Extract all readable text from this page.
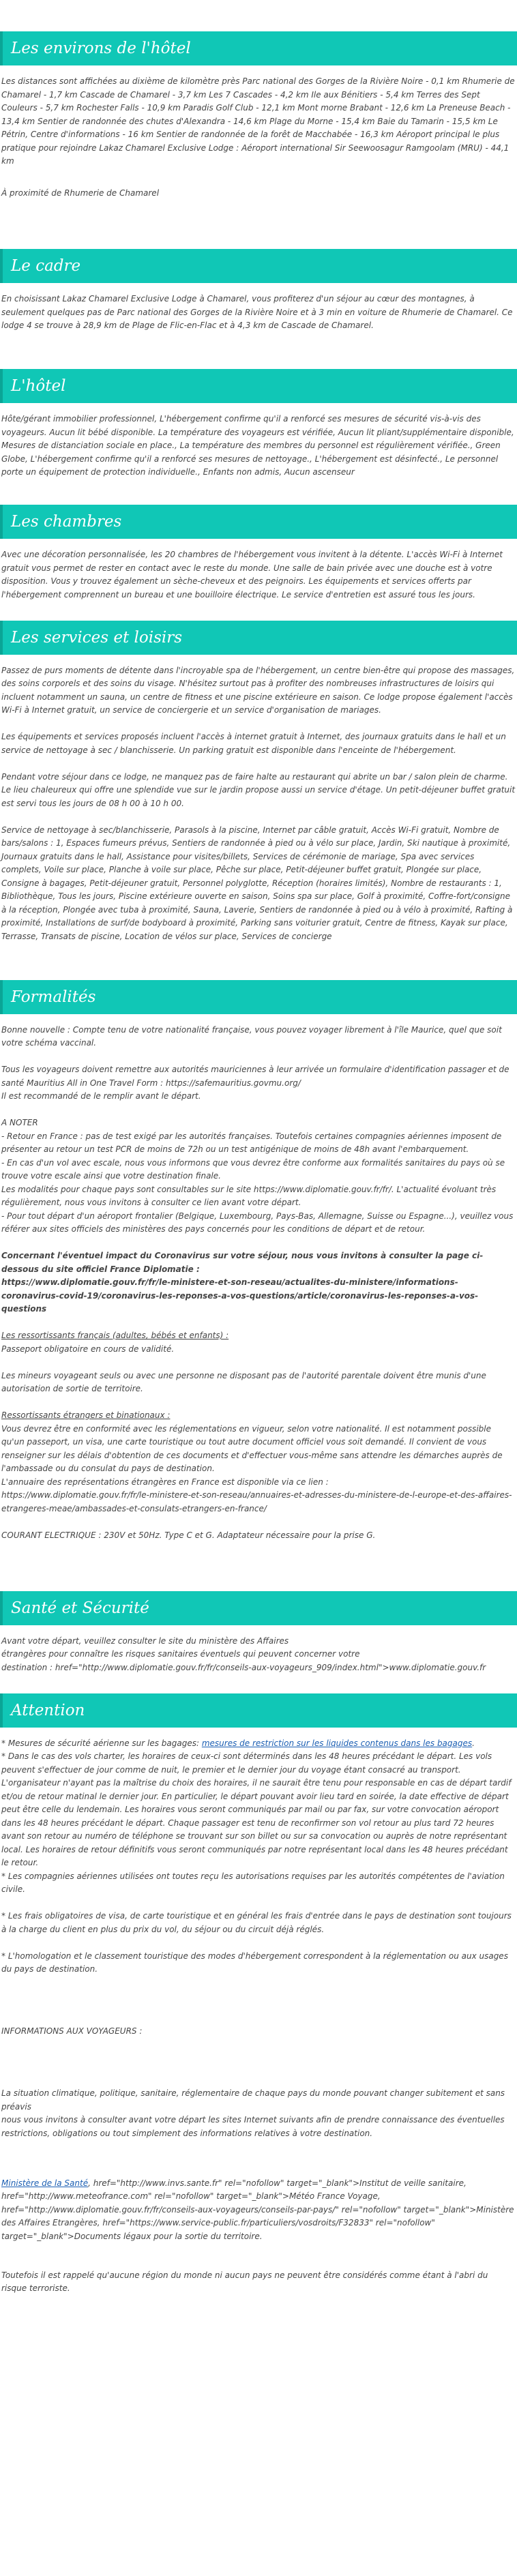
Les environs de l'hôtel
Les distances sont affichées au dixième de kilomètre près Parc national des Gorges de la Rivière Noire - 0,1 km Rhumerie de Chamarel - 1,7 km Cascade de Chamarel - 3,7 km Les 7 Cascades - 4,2 km Ile aux Bénitiers - 5,4 km Terres des Sept Couleurs - 5,7 km Rochester Falls - 10,9 km Paradis Golf Club - 12,1 km Mont morne Brabant - 12,6 km La Preneuse Beach - 13,4 km Sentier de randonnée des chutes d'Alexandra - 14,6 km Plage du Morne - 15,4 km Baie du Tamarin - 15,5 km Le Pétrin, Centre d'informations - 16 km Sentier de randonnée de la forêt de Macchabée - 16,3 km Aéroport principal le plus pratique pour rejoindre Lakaz Chamarel Exclusive Lodge : Aéroport international Sir Seewoosagur Ramgoolam (MRU) - 44,1 km
À proximité de Rhumerie de Chamarel
Le cadre
En choisissant Lakaz Chamarel Exclusive Lodge à Chamarel, vous profiterez d'un séjour au cœur des montagnes, à seulement quelques pas de Parc national des Gorges de la Rivière Noire et à 3 min en voiture de Rhumerie de Chamarel. Ce lodge 4 se trouve à 28,9 km de Plage de Flic-en-Flac et à 4,3 km de Cascade de Chamarel.
L'hôtel
Hôte/gérant immobilier professionnel, L'hébergement confirme qu'il a renforcé ses mesures de sécurité vis-à-vis des voyageurs. Aucun lit bébé disponible. La température des voyageurs est vérifiée, Aucun lit pliant/supplémentaire disponible, Mesures de distanciation sociale en place., La température des membres du personnel est régulièrement vérifiée., Green Globe, L'hébergement confirme qu'il a renforcé ses mesures de nettoyage., L'hébergement est désinfecté., Le personnel porte un équipement de protection individuelle., Enfants non admis, Aucun ascenseur
Les chambres
Avec une décoration personnalisée, les 20 chambres de l'hébergement vous invitent à la détente. L'accès Wi-Fi à Internet gratuit vous permet de rester en contact avec le reste du monde. Une salle de bain privée avec une douche est à votre disposition. Vous y trouvez également un sèche-cheveux et des peignoirs. Les équipements et services offerts par l'hébergement comprennent un bureau et une bouilloire électrique. Le service d'entretien est assuré tous les jours.
Les services et loisirs
Passez de purs moments de détente dans l'incroyable spa de l'hébergement, un centre bien-être qui propose des massages, des soins corporels et des soins du visage. N'hésitez surtout pas à profiter des nombreuses infrastructures de loisirs qui incluent notamment un sauna, un centre de fitness et une piscine extérieure en saison. Ce lodge propose également l'accès Wi-Fi à Internet gratuit, un service de conciergerie et un service d'organisation de mariages.
Les équipements et services proposés incluent l'accès à internet gratuit à Internet, des journaux gratuits dans le hall et un service de nettoyage à sec / blanchisserie. Un parking gratuit est disponible dans l'enceinte de l'hébergement.
Pendant votre séjour dans ce lodge, ne manquez pas de faire halte au restaurant qui abrite un bar / salon plein de charme. Le lieu chaleureux qui offre une splendide vue sur le jardin propose aussi un service d'étage. Un petit-déjeuner buffet gratuit est servi tous les jours de 08 h 00 à 10 h 00.
Service de nettoyage à sec/blanchisserie, Parasols à la piscine, Internet par câble gratuit, Accès Wi-Fi gratuit, Nombre de bars/salons : 1, Espaces fumeurs prévus, Sentiers de randonnée à pied ou à vélo sur place, Jardin, Ski nautique à proximité, Journaux gratuits dans le hall, Assistance pour visites/billets, Services de cérémonie de mariage, Spa avec services complets, Voile sur place, Planche à voile sur place, Pêche sur place, Petit-déjeuner buffet gratuit, Plongée sur place, Consigne à bagages, Petit-déjeuner gratuit, Personnel polyglotte, Réception (horaires limités), Nombre de restaurants : 1, Bibliothèque, Tous les jours, Piscine extérieure ouverte en saison, Soins spa sur place, Golf à proximité, Coffre-fort/consigne à la réception, Plongée avec tuba à proximité, Sauna, Laverie, Sentiers de randonnée à pied ou à vélo à proximité, Rafting à proximité, Installations de surf/de bodyboard à proximité, Parking sans voiturier gratuit, Centre de fitness, Kayak sur place, Terrasse, Transats de piscine, Location de vélos sur place, Services de concierge
Formalités
Bonne nouvelle : Compte tenu de votre nationalité française, vous pouvez voyager librement à l'île Maurice, quel que soit votre schéma vaccinal.
Tous les voyageurs doivent remettre aux autorités mauriciennes à leur arrivée un formulaire d'identification passager et de santé Mauritius All in One Travel Form : https://safemauritius.govmu.org/
Il est recommandé de le remplir avant le départ.
A NOTER
- Retour en France : pas de test exigé par les autorités françaises. Toutefois certaines compagnies aériennes imposent de présenter au retour un test PCR de moins de 72h ou un test antigénique de moins de 48h avant l'embarquement.
- En cas d'un vol avec escale, nous vous informons que vous devrez être conforme aux formalités sanitaires du pays où se trouve votre escale ainsi que votre destination finale.
Les modalités pour chaque pays sont consultables sur le site https://www.diplomatie.gouv.fr/fr/. L'actualité évoluant très régulièrement, nous vous invitons à consulter ce lien avant votre départ.
- Pour tout départ d'un aéroport frontalier (Belgique, Luxembourg, Pays-Bas, Allemagne, Suisse ou Espagne...), veuillez vous référer aux sites officiels des ministères des pays concernés pour les conditions de départ et de retour.
Concernant l'éventuel impact du Coronavirus sur votre séjour, nous vous invitons à consulter la page ci-dessous du site officiel France Diplomatie :
https://www.diplomatie.gouv.fr/fr/le-ministere-et-son-reseau/actualites-du-ministere/informations-coronavirus-covid-19/coronavirus-les-reponses-a-vos-questions/article/coronavirus-les-reponses-a-vos-questions
Les ressortissants français (adultes, bébés et enfants) :
Passeport obligatoire en cours de validité.
Les mineurs voyageant seuls ou avec une personne ne disposant pas de l'autorité parentale doivent être munis d'une autorisation de sortie de territoire.
Ressortissants étrangers et binationaux :
Vous devrez être en conformité avec les réglementations en vigueur, selon votre nationalité. Il est notamment possible qu'un passeport, un visa, une carte touristique ou tout autre document officiel vous soit demandé. Il convient de vous renseigner sur les délais d'obtention de ces documents et d'effectuer vous-même sans attendre les démarches auprès de l'ambassade ou du consulat du pays de destination.
L'annuaire des représentations étrangères en France est disponible via ce lien :
https://www.diplomatie.gouv.fr/fr/le-ministere-et-son-reseau/annuaires-et-adresses-du-ministere-de-l-europe-et-des-affaires-etrangeres-meae/ambassades-et-consulats-etrangers-en-france/
COURANT ELECTRIQUE : 230V et 50Hz. Type C et G. Adaptateur nécessaire pour la prise G.
Santé et Sécurité
Avant votre départ, veuillez consulter le site du ministère des Affaires
étrangères pour connaître les risques sanitaires éventuels qui peuvent concerner votre
destination : href="http://www.diplomatie.gouv.fr/fr/conseils-aux-voyageurs_909/index.html">www.diplomatie.gouv.fr
Attention
* Mesures de sécurité aérienne sur les bagages: mesures de restriction sur les liquides contenus dans les bagages.
* Dans le cas des vols charter, les horaires de ceux-ci sont déterminés dans les 48 heures précédant le départ. Les vols peuvent s'effectuer de jour comme de nuit, le premier et le dernier jour du voyage étant consacré au transport. L'organisateur n'ayant pas la maîtrise du choix des horaires, il ne saurait être tenu pour responsable en cas de départ tardif et/ou de retour matinal le dernier jour. En particulier, le départ pouvant avoir lieu tard en soirée, la date effective de départ peut être celle du lendemain. Les horaires vous seront communiqués par mail ou par fax, sur votre convocation aéroport dans les 48 heures précédant le départ. Chaque passager est tenu de reconfirmer son vol retour au plus tard 72 heures avant son retour au numéro de téléphone se trouvant sur son billet ou sur sa convocation ou auprès de notre représentant local. Les horaires de retour définitifs vous seront communiqués par notre représentant local dans les 48 heures précédant le retour.
* Les compagnies aériennes utilisées ont toutes reçu les autorisations requises par les autorités compétentes de l'aviation civile.
* Les frais obligatoires de visa, de carte touristique et en général les frais d'entrée dans le pays de destination sont toujours à la charge du client en plus du prix du vol, du séjour ou du circuit déjà réglés.
* L'homologation et le classement touristique des modes d'hébergement correspondent à la réglementation ou aux usages du pays de destination.
INFORMATIONS AUX VOYAGEURS :
La situation climatique, politique, sanitaire, réglementaire de chaque pays du monde pouvant changer subitement et sans préavis
nous vous invitons à consulter avant votre départ les sites Internet suivants afin de prendre connaissance des éventuelles restrictions, obligations ou tout simplement des informations relatives à votre destination.
Ministère de la Santé, href="http://www.invs.sante.fr" rel="nofollow" target="_blank">Institut de veille sanitaire, href="http://www.meteofrance.com" rel="nofollow" target="_blank">Météo France Voyage, href="http://www.diplomatie.gouv.fr/fr/conseils-aux-voyageurs/conseils-par-pays/" rel="nofollow" target="_blank">Ministère des Affaires Etrangères, href="https://www.service-public.fr/particuliers/vosdroits/F32833" rel="nofollow" target="_blank">Documents légaux pour la sortie du territoire.
Toutefois il est rappelé qu'aucune région du monde ni aucun pays ne peuvent être considérés comme étant à l'abri du risque terroriste.
